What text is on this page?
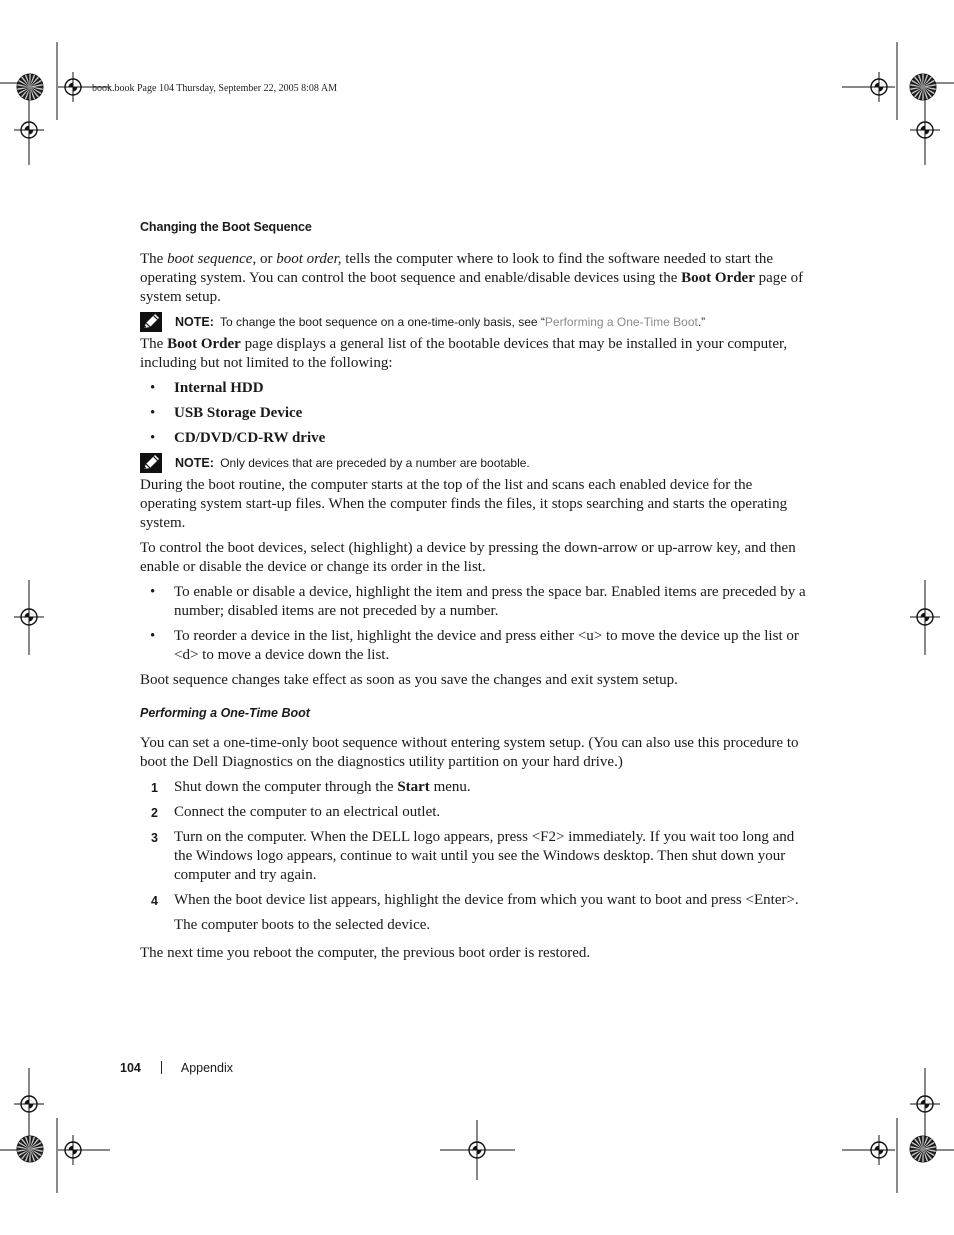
book.book Page 104 Thursday, September 22, 2005 8:08 AM
Changing the Boot Sequence

The boot sequence, or boot order, tells the computer where to look to find the software needed to start the operating system. You can control the boot sequence and enable/disable devices using the Boot Order page of system setup.

NOTE: To change the boot sequence on a one-time-only basis, see “Performing a One-Time Boot.”

The Boot Order page displays a general list of the bootable devices that may be installed in your computer, including but not limited to the following:

• Internal HDD
• USB Storage Device
• CD/DVD/CD-RW drive
NOTE: Only devices that are preceded by a number are bootable.

During the boot routine, the computer starts at the top of the list and scans each enabled device for the operating system start-up files. When the computer finds the files, it stops searching and starts the operating system.

To control the boot devices, select (highlight) a device by pressing the down-arrow or up-arrow key, and then enable or disable the device or change its order in the list.

• To enable or disable a device, highlight the item and press the space bar. Enabled items are preceded by a number; disabled items are not preceded by a number.
• To reorder a device in the list, highlight the device and press either <u> to move the device up the list or <d> to move a device down the list.

Boot sequence changes take effect as soon as you save the changes and exit system setup.

Performing a One-Time Boot

You can set a one-time-only boot sequence without entering system setup. (You can also use this procedure to boot the Dell Diagnostics on the diagnostics utility partition on your hard drive.)

1 Shut down the computer through the Start menu.
2 Connect the computer to an electrical outlet.
3 Turn on the computer. When the DELL logo appears, press <F2> immediately. If you wait too long and the Windows logo appears, continue to wait until you see the Windows desktop. Then shut down your computer and try again.
4 When the boot device list appears, highlight the device from which you want to boot and press <Enter>.

The computer boots to the selected device.

The next time you reboot the computer, the previous boot order is restored.

104	Appendix
